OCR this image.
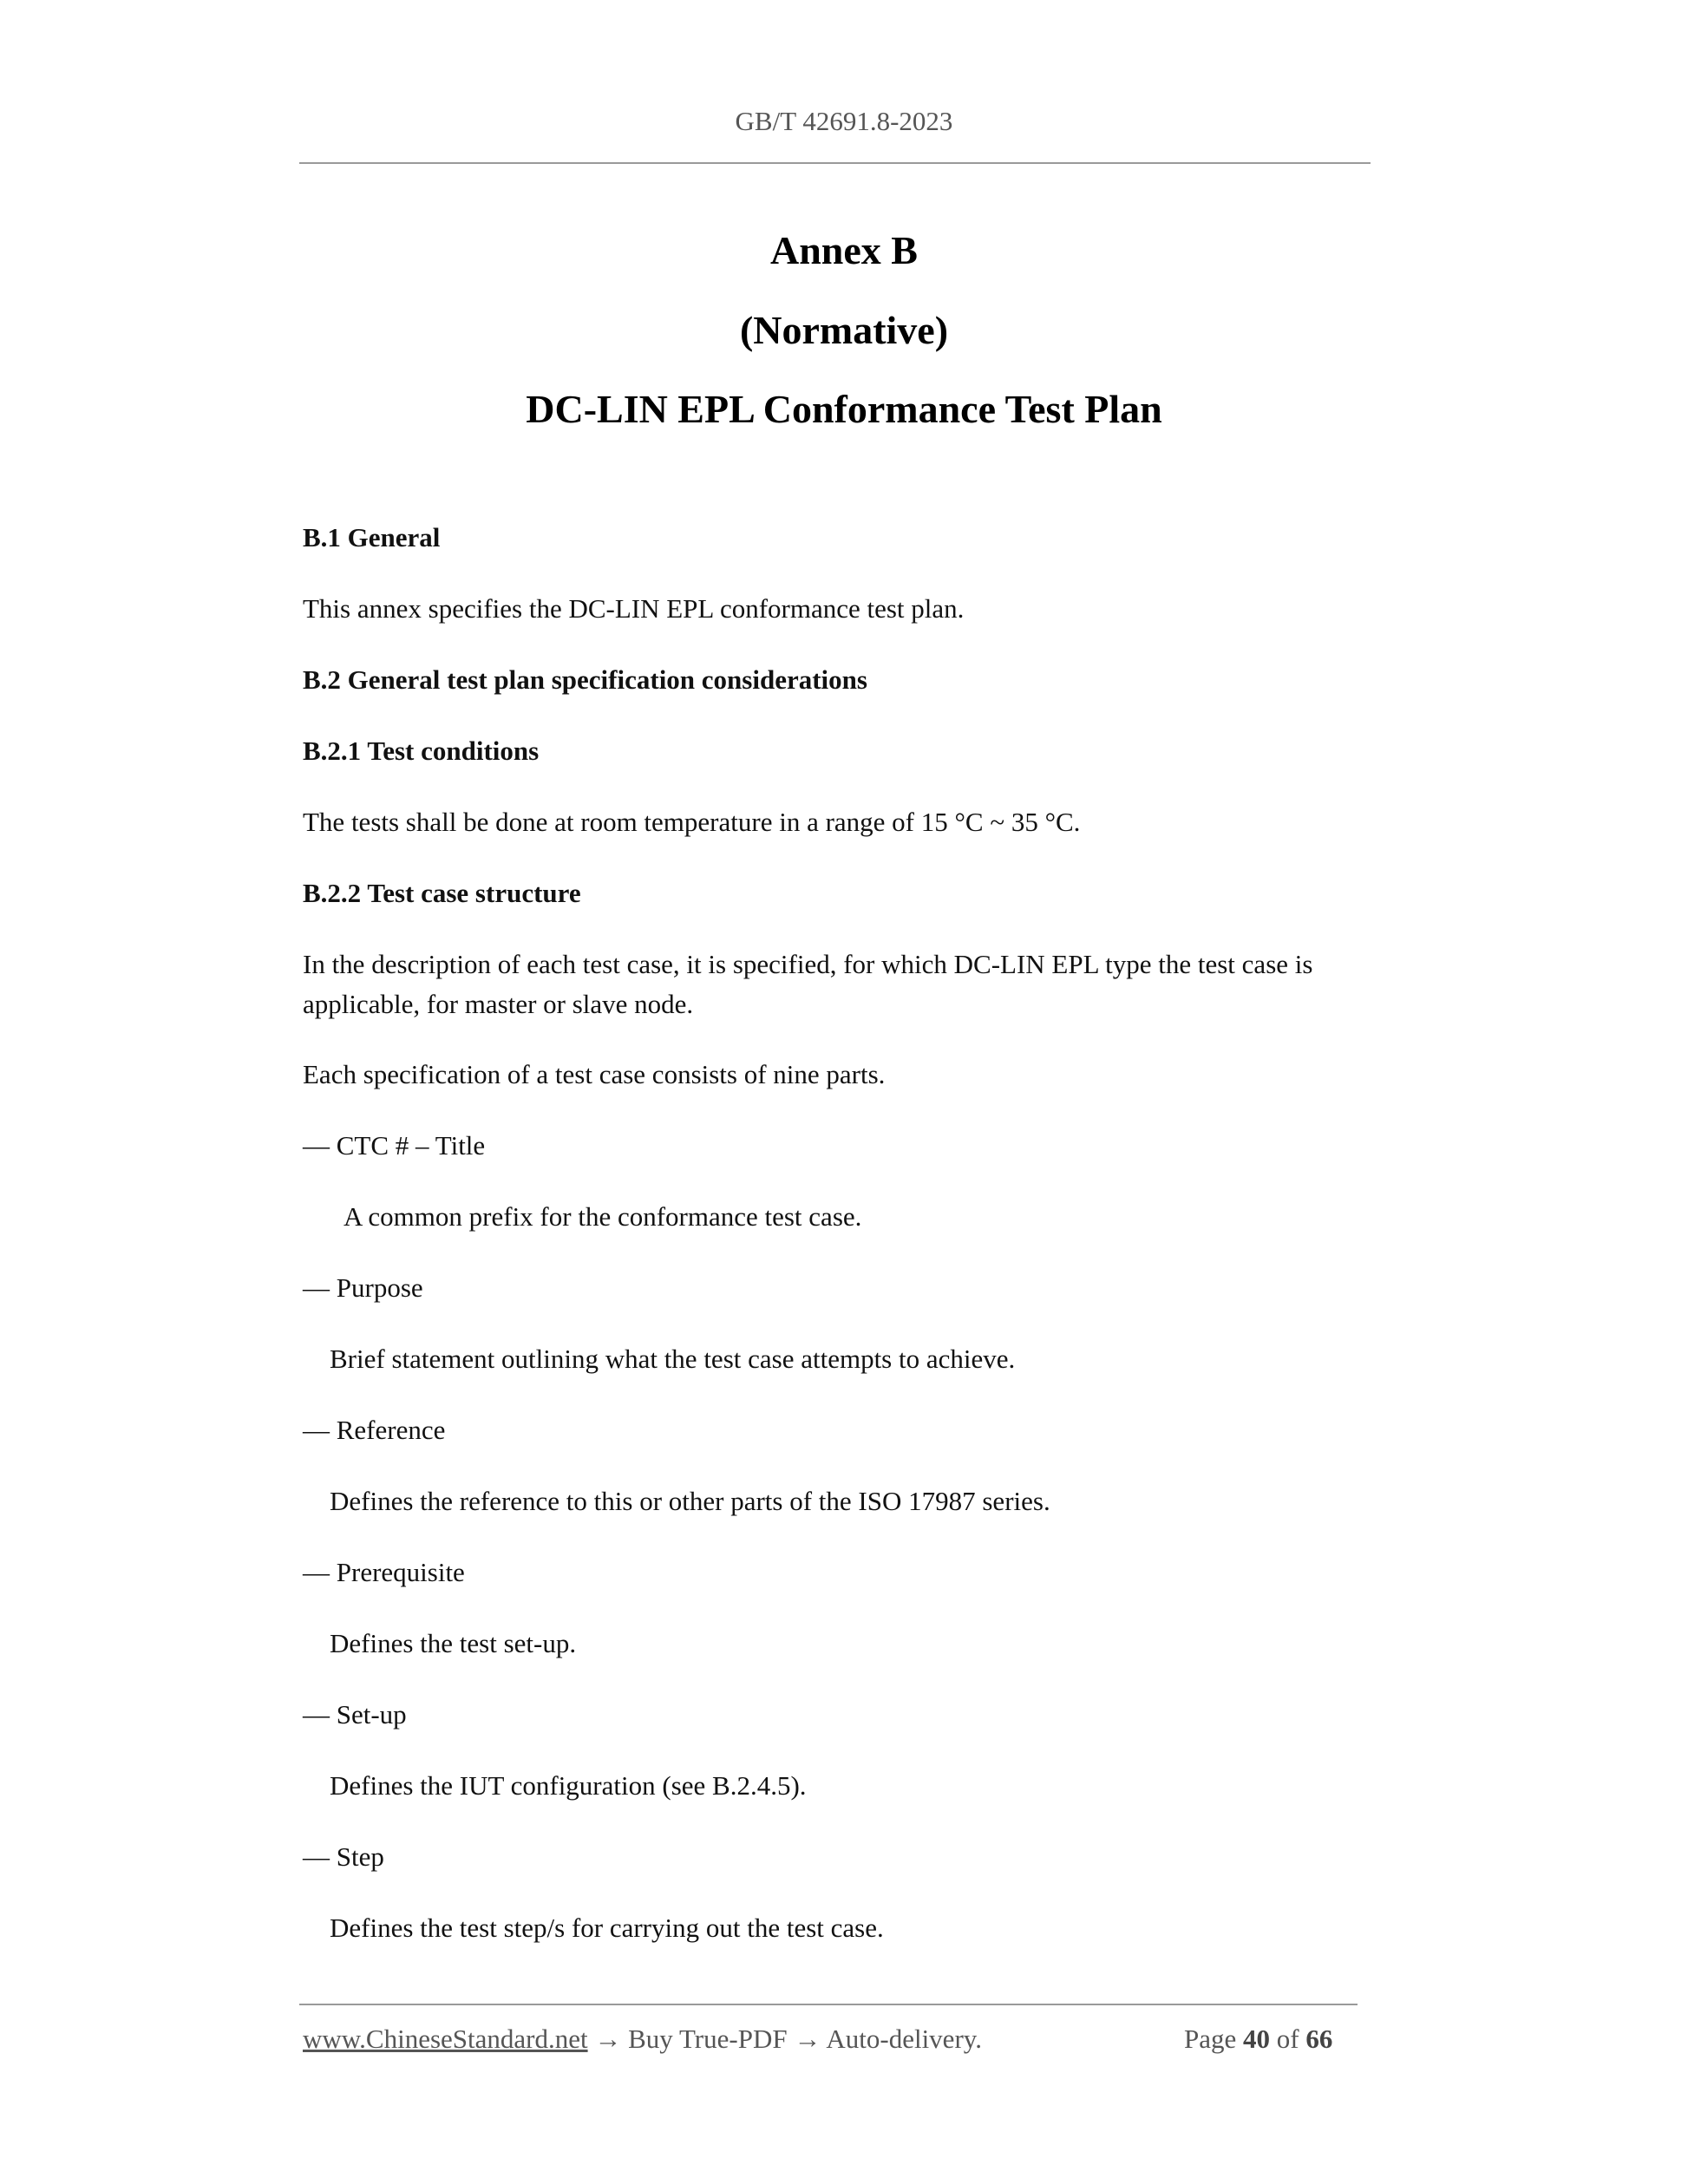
GB/T 42691.8-2023
Annex B
(Normative)
DC-LIN EPL Conformance Test Plan
B.1 General
This annex specifies the DC-LIN EPL conformance test plan.
B.2 General test plan specification considerations
B.2.1 Test conditions
The tests shall be done at room temperature in a range of 15 °C ~ 35 °C.
B.2.2 Test case structure
In the description of each test case, it is specified, for which DC-LIN EPL type the test case is applicable, for master or slave node.
Each specification of a test case consists of nine parts.
— CTC # – Title
A common prefix for the conformance test case.
— Purpose
Brief statement outlining what the test case attempts to achieve.
— Reference
Defines the reference to this or other parts of the ISO 17987 series.
— Prerequisite
Defines the test set-up.
— Set-up
Defines the IUT configuration (see B.2.4.5).
— Step
Defines the test step/s for carrying out the test case.
www.ChineseStandard.net → Buy True-PDF → Auto-delivery.	Page 40 of 66
